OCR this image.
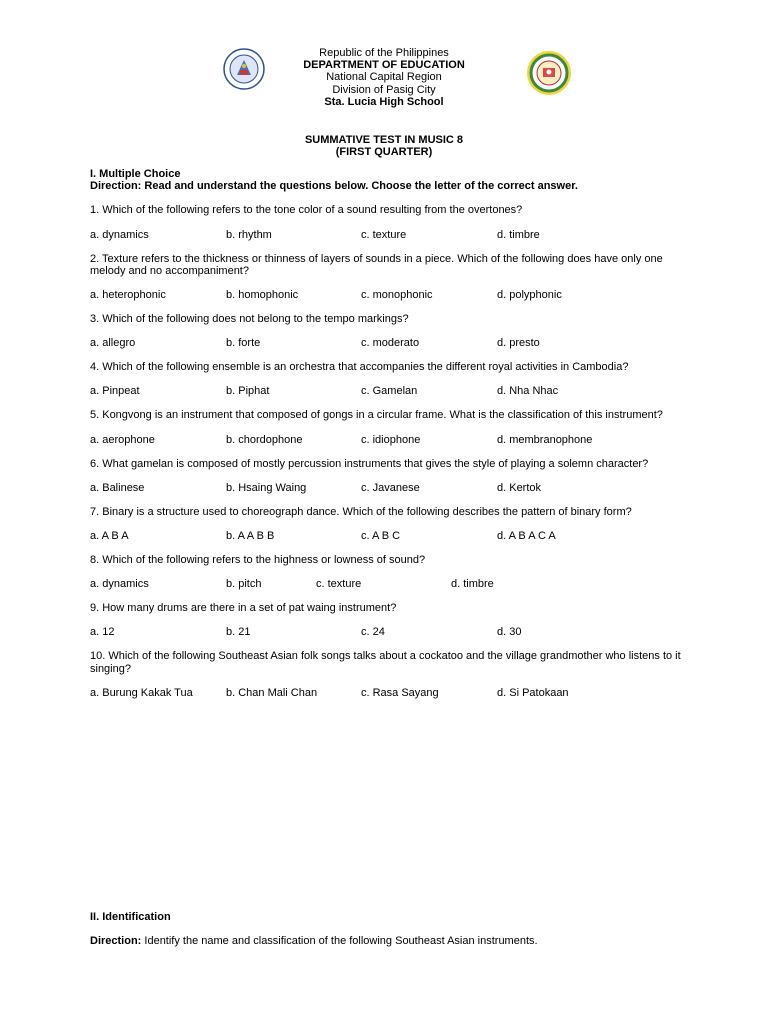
Republic of the Philippines
DEPARTMENT OF EDUCATION
National Capital Region
Division of Pasig City
Sta. Lucia High School
SUMMATIVE TEST IN MUSIC 8
(FIRST QUARTER)
I. Multiple Choice
Direction: Read and understand the questions below. Choose the letter of the correct answer.
1. Which of the following refers to the tone color of a sound resulting from the overtones?
a. dynamics	b. rhythm	c. texture	d. timbre
2. Texture refers to the thickness or thinness of layers of sounds in a piece. Which of the following does have only one melody and no accompaniment?
a. heterophonic	b. homophonic	c. monophonic	d. polyphonic
3. Which of the following does not belong to the tempo markings?
a. allegro	b. forte	c. moderato	d. presto
4. Which of the following ensemble is an orchestra that accompanies the different royal activities in Cambodia?
a. Pinpeat	b. Piphat	c. Gamelan	d. Nha Nhac
5. Kongvong is an instrument that composed of gongs in a circular frame. What is the classification of this instrument?
a. aerophone	b. chordophone	c. idiophone	d. membranophone
6. What gamelan is composed of mostly percussion instruments that gives the style of playing a solemn character?
a. Balinese	b. Hsaing Waing	c. Javanese	d. Kertok
7. Binary is a structure used to choreograph dance. Which of the following describes the pattern of binary form?
a. A B A	b. A A B B	c. A B C	d. A B A C A
8. Which of the following refers to the highness or lowness of sound?
a. dynamics	b. pitch	c. texture	d. timbre
9. How many drums are there in a set of pat waing instrument?
a. 12	b. 21	c. 24	d. 30
10. Which of the following Southeast Asian folk songs talks about a cockatoo and the village grandmother who listens to it singing?
a. Burung Kakak Tua	b. Chan Mali Chan	c. Rasa Sayang	d. Si Patokaan
II. Identification
Direction: Identify the name and classification of the following Southeast Asian instruments.
